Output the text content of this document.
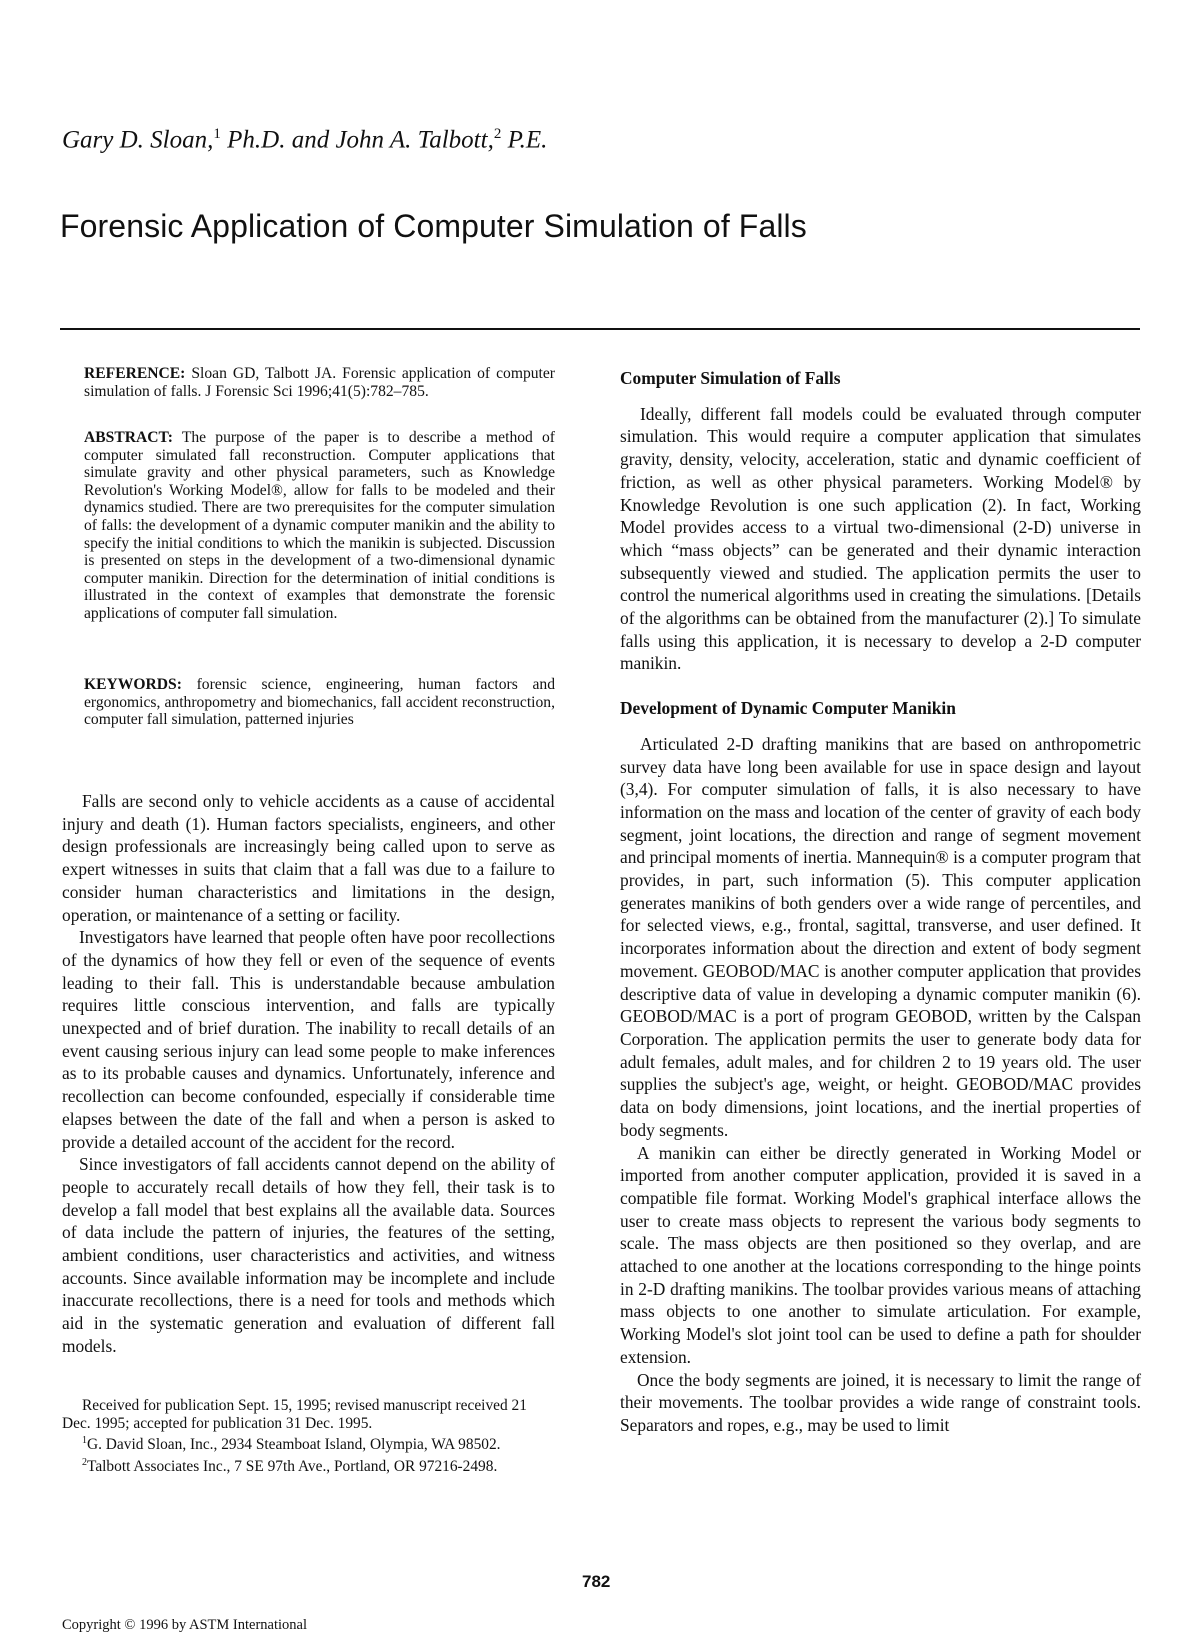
Gary D. Sloan,$^1$ Ph.D. and John A. Talbott,$^2$ P.E.
Forensic Application of Computer Simulation of Falls
REFERENCE: Sloan GD, Talbott JA. Forensic application of computer simulation of falls. J Forensic Sci 1996;41(5):782–785.
ABSTRACT: The purpose of the paper is to describe a method of computer simulated fall reconstruction. Computer applications that simulate gravity and other physical parameters, such as Knowledge Revolution's Working Model®, allow for falls to be modeled and their dynamics studied. There are two prerequisites for the computer simulation of falls: the development of a dynamic computer manikin and the ability to specify the initial conditions to which the manikin is subjected. Discussion is presented on steps in the development of a two-dimensional dynamic computer manikin. Direction for the determination of initial conditions is illustrated in the context of examples that demonstrate the forensic applications of computer fall simulation.
KEYWORDS: forensic science, engineering, human factors and ergonomics, anthropometry and biomechanics, fall accident reconstruction, computer fall simulation, patterned injuries

Falls are second only to vehicle accidents as a cause of accidental injury and death (1). Human factors specialists, engineers, and other design professionals are increasingly being called upon to serve as expert witnesses in suits that claim that a fall was due to a failure to consider human characteristics and limitations in the design, operation, or maintenance of a setting or facility.

Investigators have learned that people often have poor recollections of the dynamics of how they fell or even of the sequence of events leading to their fall. This is understandable because ambulation requires little conscious intervention, and falls are typically unexpected and of brief duration. The inability to recall details of an event causing serious injury can lead some people to make inferences as to its probable causes and dynamics. Unfortunately, inference and recollection can become confounded, especially if considerable time elapses between the date of the fall and when a person is asked to provide a detailed account of the accident for the record.

Since investigators of fall accidents cannot depend on the ability of people to accurately recall details of how they fell, their task is to develop a fall model that best explains all the available data. Sources of data include the pattern of injuries, the features of the setting, ambient conditions, user characteristics and activities, and witness accounts. Since available information may be incomplete and include inaccurate recollections, there is a need for tools and methods which aid in the systematic generation and evaluation of different fall models.

Received for publication Sept. 15, 1995; revised manuscript received 21 Dec. 1995; accepted for publication 31 Dec. 1995.

$^1$G. David Sloan, Inc., 2934 Steamboat Island, Olympia, WA 98502.

$^2$Talbott Associates Inc., 7 SE 97th Ave., Portland, OR 97216-2498.

Computer Simulation of Falls

Ideally, different fall models could be evaluated through computer simulation. This would require a computer application that simulates gravity, density, velocity, acceleration, static and dynamic coefficient of friction, as well as other physical parameters. Working Model® by Knowledge Revolution is one such application (2). In fact, Working Model provides access to a virtual two-dimensional (2-D) universe in which “mass objects” can be generated and their dynamic interaction subsequently viewed and studied. The application permits the user to control the numerical algorithms used in creating the simulations. [Details of the algorithms can be obtained from the manufacturer (2).] To simulate falls using this application, it is necessary to develop a 2-D computer manikin.

Development of Dynamic Computer Manikin

Articulated 2-D drafting manikins that are based on anthropometric survey data have long been available for use in space design and layout (3,4). For computer simulation of falls, it is also necessary to have information on the mass and location of the center of gravity of each body segment, joint locations, the direction and range of segment movement and principal moments of inertia. Mannequin® is a computer program that provides, in part, such information (5). This computer application generates manikins of both genders over a wide range of percentiles, and for selected views, e.g., frontal, sagittal, transverse, and user defined. It incorporates information about the direction and extent of body segment movement. GEOBOD/MAC is another computer application that provides descriptive data of value in developing a dynamic computer manikin (6). GEOBOD/MAC is a port of program GEOBOD, written by the Calspan Corporation. The application permits the user to generate body data for adult females, adult males, and for children 2 to 19 years old. The user supplies the subject's age, weight, or height. GEOBOD/MAC provides data on body dimensions, joint locations, and the inertial properties of body segments.

A manikin can either be directly generated in Working Model or imported from another computer application, provided it is saved in a compatible file format. Working Model's graphical interface allows the user to create mass objects to represent the various body segments to scale. The mass objects are then positioned so they overlap, and are attached to one another at the locations corresponding to the hinge points in 2-D drafting manikins. The toolbar provides various means of attaching mass objects to one another to simulate articulation. For example, Working Model's slot joint tool can be used to define a path for shoulder extension.

Once the body segments are joined, it is necessary to limit the range of their movements. The toolbar provides a wide range of constraint tools. Separators and ropes, e.g., may be used to limit

782
Copyright © 1996 by ASTM International
